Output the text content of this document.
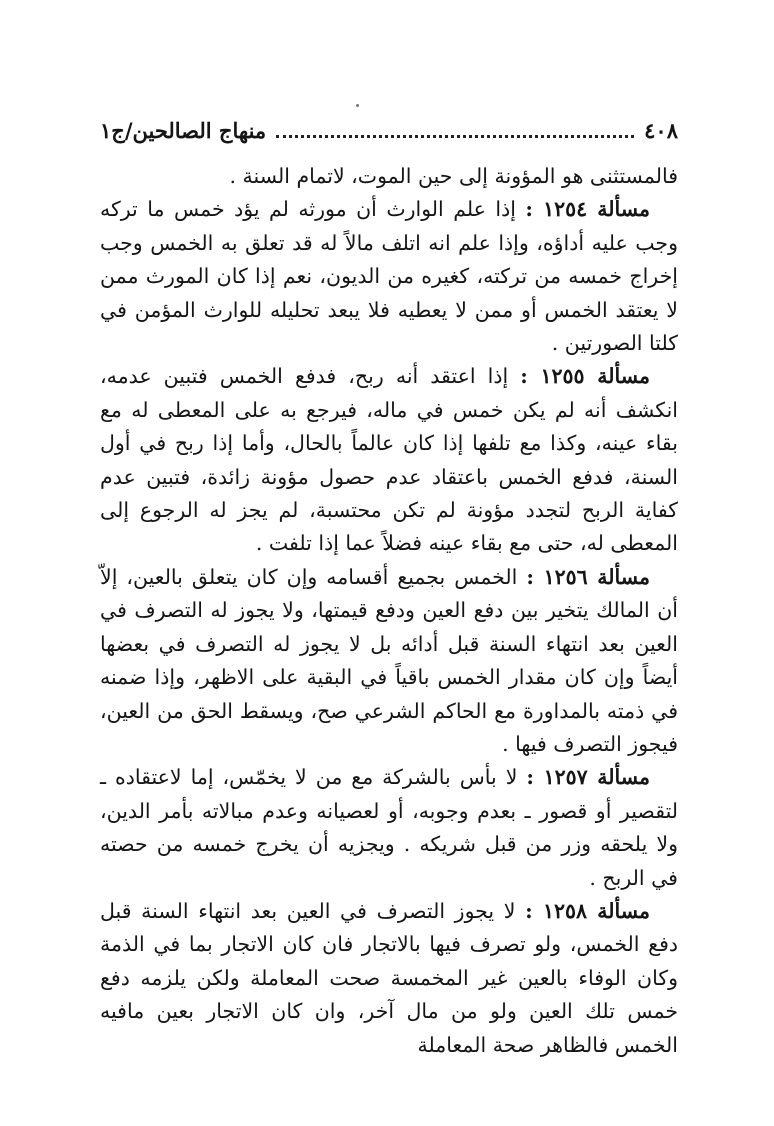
٤٠٨
منهاج الصالحين/ج١

فالمستثنى هو المؤونة إلى حين الموت، لاتمام السنة .

مسألة ١٢٥٤ : إذا علم الوارث أن مورثه لم يؤد خمس ما تركه وجب عليه أداؤه، وإذا علم انه اتلف مالاً له قد تعلق به الخمس وجب إخراج خمسه من تركته، كغيره من الديون، نعم إذا كان المورث ممن لا يعتقد الخمس أو ممن لا يعطيه فلا يبعد تحليله للوارث المؤمن في كلتا الصورتين .

مسألة ١٢٥٥ : إذا اعتقد أنه ربح، فدفع الخمس فتبين عدمه، انكشف أنه لم يكن خمس في ماله، فيرجع به على المعطى له مع بقاء عينه، وكذا مع تلفها إذا كان عالماً بالحال، وأما إذا ربح في أول السنة، فدفع الخمس باعتقاد عدم حصول مؤونة زائدة، فتبين عدم كفاية الربح لتجدد مؤونة لم تكن محتسبة، لم يجز له الرجوع إلى المعطى له، حتى مع بقاء عينه فضلاً عما إذا تلفت .

مسألة ١٢٥٦ : الخمس بجميع أقسامه وإن كان يتعلق بالعين، إلاّ أن المالك يتخير بين دفع العين ودفع قيمتها، ولا يجوز له التصرف في العين بعد انتهاء السنة قبل أدائه بل لا يجوز له التصرف في بعضها أيضاً وإن كان مقدار الخمس باقياً في البقية على الاظهر، وإذا ضمنه في ذمته بالمداورة مع الحاكم الشرعي صح، ويسقط الحق من العين، فيجوز التصرف فيها .

مسألة ١٢٥٧ : لا بأس بالشركة مع من لا يخمّس، إما لاعتقاده ـ لتقصير أو قصور ـ بعدم وجوبه، أو لعصيانه وعدم مبالاته بأمر الدين، ولا يلحقه وزر من قبل شريكه . ويجزيه أن يخرج خمسه من حصته في الربح .

مسألة ١٢٥٨ : لا يجوز التصرف في العين بعد انتهاء السنة قبل دفع الخمس، ولو تصرف فيها بالاتجار فان كان الاتجار بما في الذمة وكان الوفاء بالعين غير المخمسة صحت المعاملة ولكن يلزمه دفع خمس تلك العين ولو من مال آخر، وان كان الاتجار بعين مافيه الخمس فالظاهر صحة المعاملة
